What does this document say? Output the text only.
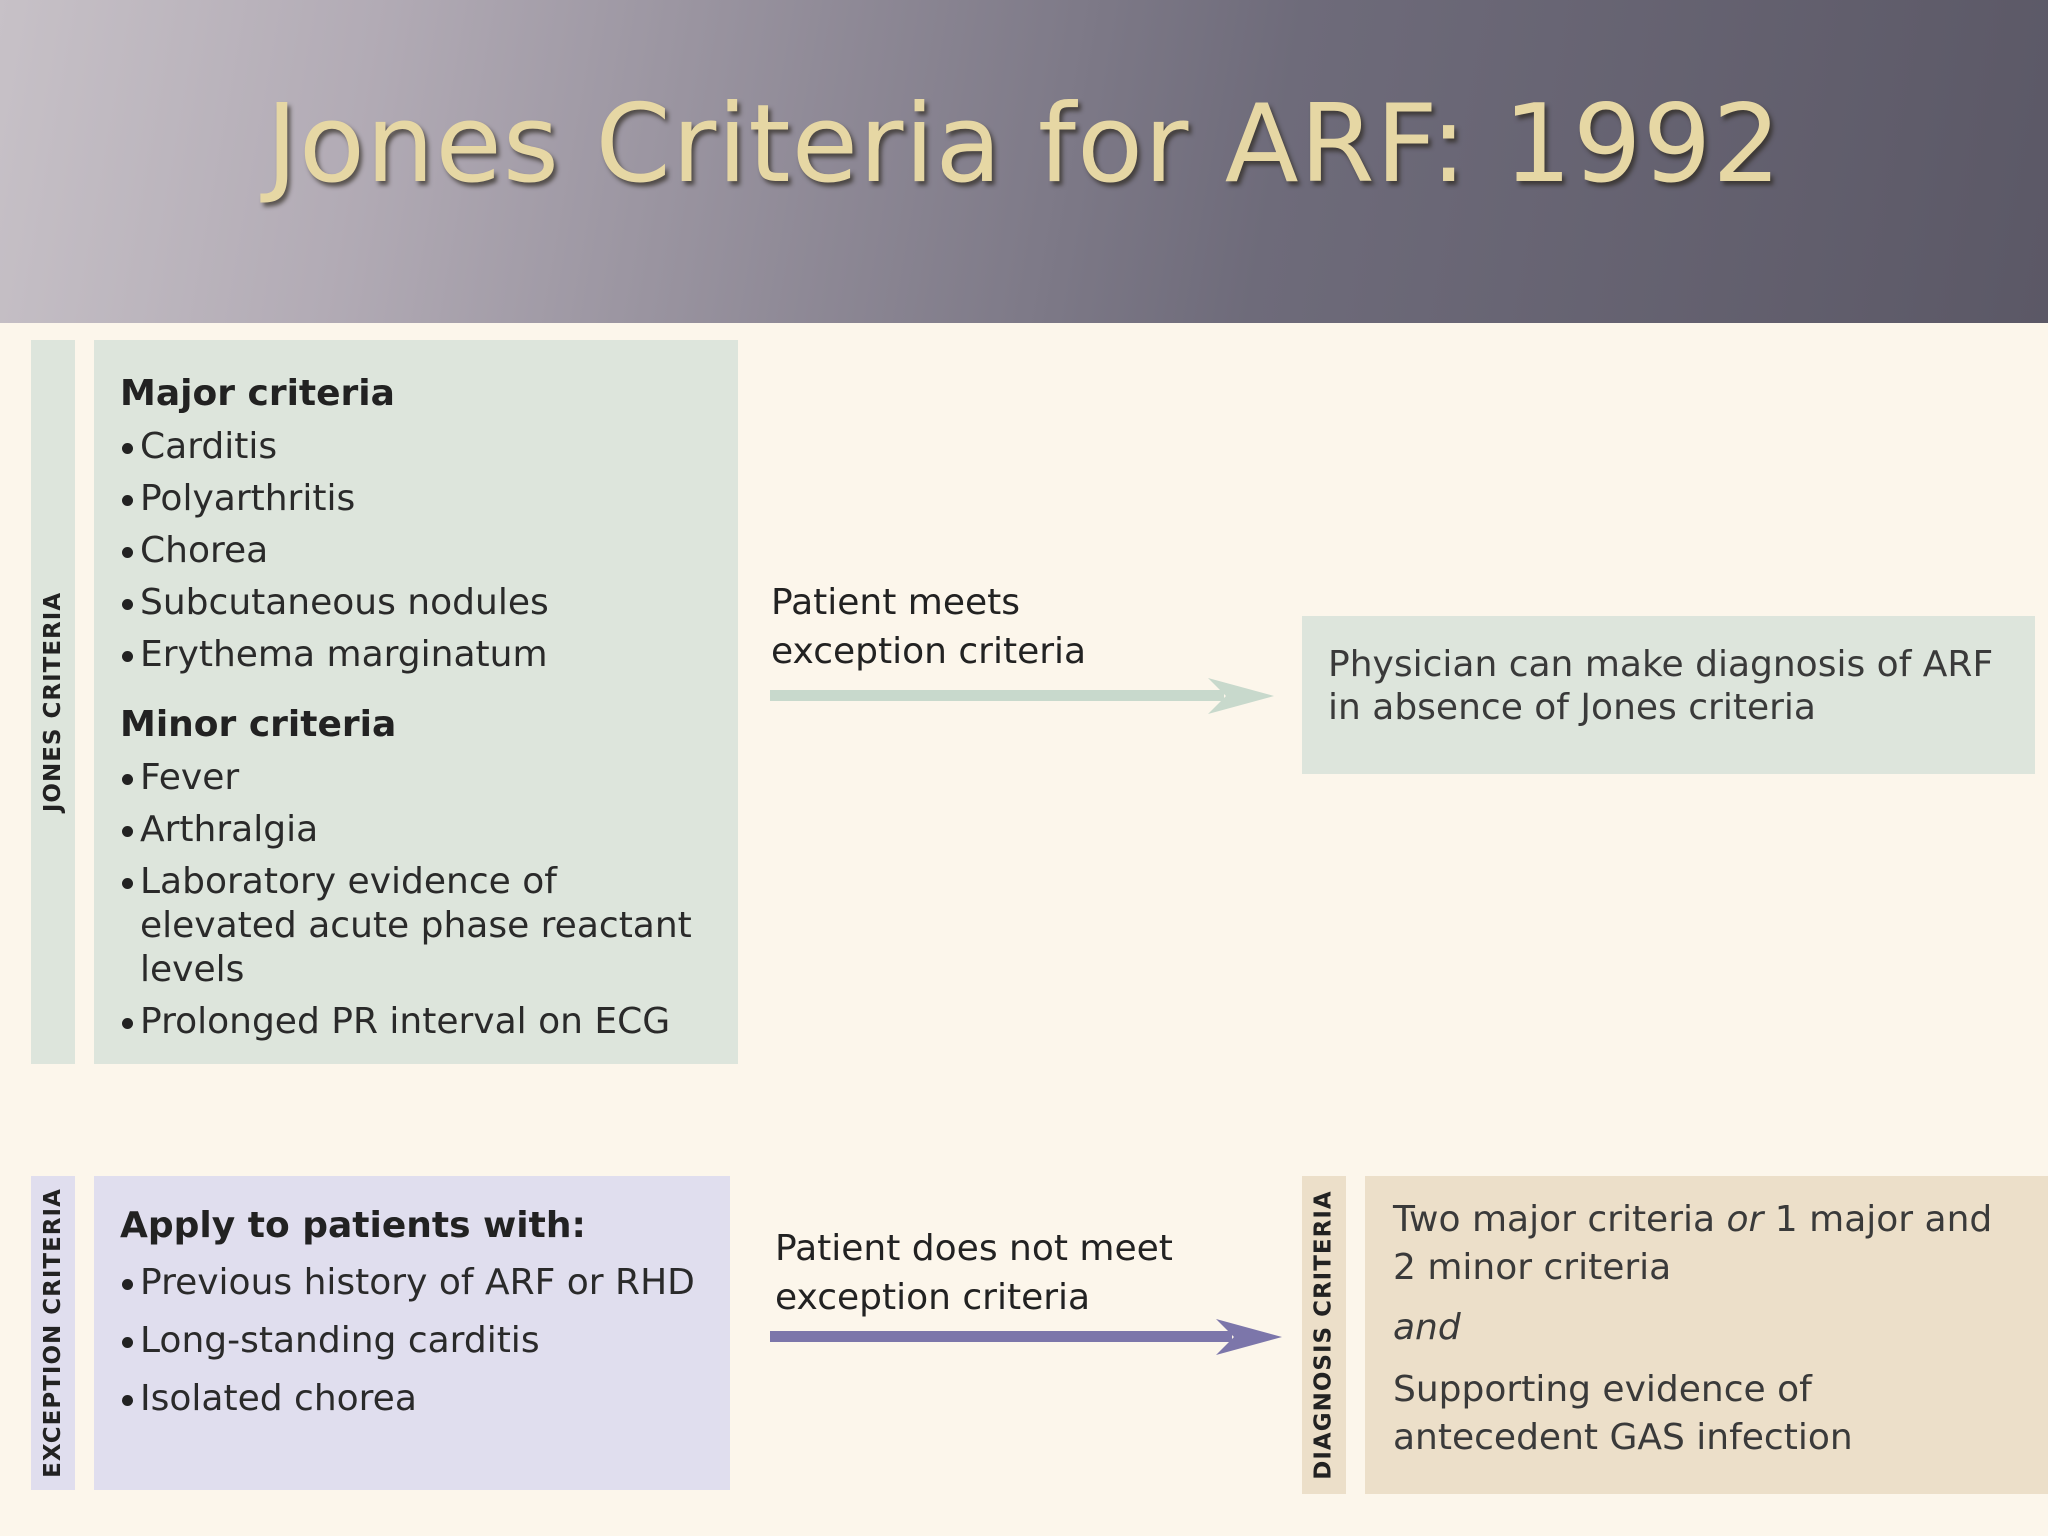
Jones Criteria for ARF: 1992
JONES CRITERIA

Major criteria

Carditis
Polyarthritis
Chorea
Subcutaneous nodules
Erythema marginatum

Minor criteria

Fever
Arthralgia
Laboratory evidence of elevated acute phase reactant levels
Prolonged PR interval on ECG
Patient meets
exception criteria	Physician can make diagnosis of ARF
in absence of Jones criteria
EXCEPTION CRITERIA Apply to patients with:

Previous history of ARF or RHD
Long-standing carditis
Isolated chorea
Patient does not meet
exception criteria	DIAGNOSIS CRITERIA Two major criteria or 1 major and 2 minor criteria

and

Supporting evidence of antecedent GAS infection
